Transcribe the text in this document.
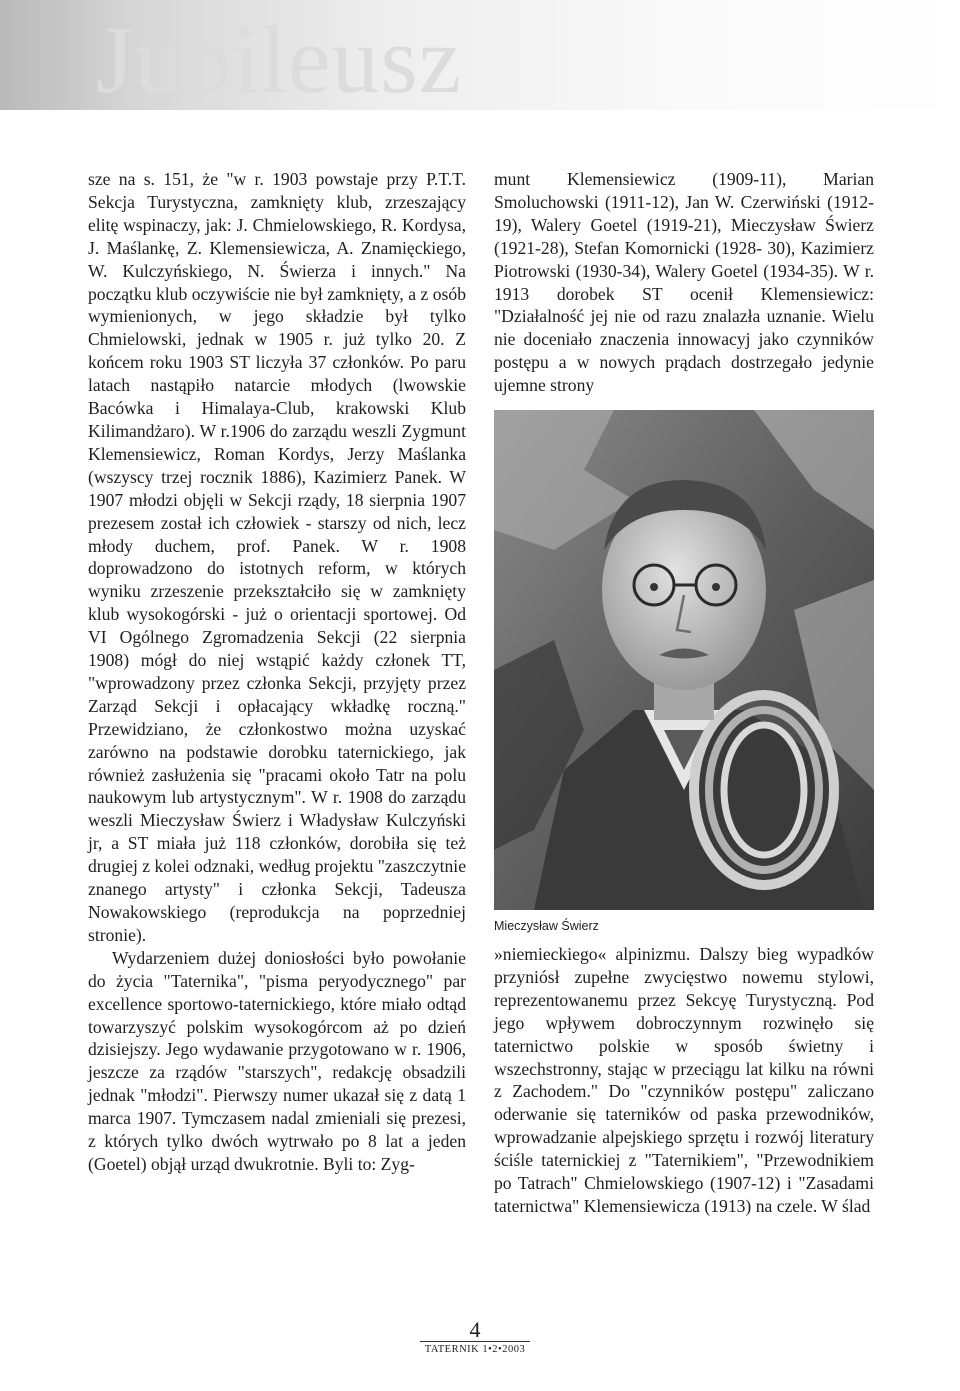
Jubileusz

sze na s. 151, że "w r. 1903 powstaje przy P.T.T. Sekcja Turystyczna, zamknięty klub, zrzeszający elitę wspinaczy, jak: J. Chmielowskiego, R. Kordysa, J. Maślankę, Z. Klemensiewicza, A. Znamięckiego, W. Kulczyńskiego, N. Świerza i innych." Na początku klub oczywiście nie był zamknięty, a z osób wymienionych, w jego składzie był tylko Chmielowski, jednak w 1905 r. już tylko 20. Z końcem roku 1903 ST liczyła 37 członków. Po paru latach nastąpiło natarcie młodych (lwowskie Bacówka i Himalaya-Club, krakowski Klub Kilimandżaro). W r.1906 do zarządu weszli Zygmunt Klemensiewicz, Roman Kordys, Jerzy Maślanka (wszyscy trzej rocznik 1886), Kazimierz Panek. W 1907 młodzi objęli w Sekcji rządy, 18 sierpnia 1907 prezesem został ich człowiek - starszy od nich, lecz młody duchem, prof. Panek. W r. 1908 doprowadzono do istotnych reform, w których wyniku zrzeszenie przekształciło się w zamknięty klub wysokogórski - już o orientacji sportowej. Od VI Ogólnego Zgromadzenia Sekcji (22 sierpnia 1908) mógł do niej wstąpić każdy członek TT, "wprowadzony przez członka Sekcji, przyjęty przez Zarząd Sekcji i opłacający wkładkę roczną." Przewidziano, że członkostwo można uzyskać zarówno na podstawie dorobku taternickiego, jak również zasłużenia się "pracami około Tatr na polu naukowym lub artystycznym". W r. 1908 do zarządu weszli Mieczysław Świerz i Władysław Kulczyński jr, a ST miała już 118 członków, dorobiła się też drugiej z kolei odznaki, według projektu "zaszczytnie znanego artysty" i członka Sekcji, Tadeusza Nowakowskiego (reprodukcja na poprzedniej stronie).

Wydarzeniem dużej doniosłości było powołanie do życia "Taternika", "pisma peryodycznego" par excellence sportowo-taternickiego, które miało odtąd towarzyszyć polskim wysokogórcom aż po dzień dzisiejszy. Jego wydawanie przygotowano w r. 1906, jeszcze za rządów "starszych", redakcję obsadzili jednak "młodzi". Pierwszy numer ukazał się z datą 1 marca 1907. Tymczasem nadal zmieniali się prezesi, z których tylko dwóch wytrwało po 8 lat a jeden (Goetel) objął urząd dwukrotnie. Byli to: Zyg-

munt Klemensiewicz (1909-11), Marian Smoluchowski (1911-12), Jan W. Czerwiński (1912-19), Walery Goetel (1919-21), Mieczysław Świerz (1921-28), Stefan Komornicki (1928- 30), Kazimierz Piotrowski (1930-34), Walery Goetel (1934-35). W r. 1913 dorobek ST ocenił Klemensiewicz: "Działalność jej nie od razu znalazła uznanie. Wielu nie doceniało znaczenia innowacyj jako czynników postępu a w nowych prądach dostrzegało jedynie ujemne strony

Mieczysław Świerz

»niemieckiego« alpinizmu. Dalszy bieg wypadków przyniósł zupełne zwycięstwo nowemu stylowi, reprezentowanemu przez Sekcyę Turystyczną. Pod jego wpływem dobroczynnym rozwinęło się taternictwo polskie w sposób świetny i wszechstronny, stając w przeciągu lat kilku na równi z Zachodem." Do "czynników postępu" zaliczano oderwanie się taterników od paska przewodników, wprowadzanie alpejskiego sprzętu i rozwój literatury ściśle taternickiej z "Taternikiem", "Przewodnikiem po Tatrach" Chmielowskiego (1907-12) i "Zasadami taternictwa" Klemensiewicza (1913) na czele. W ślad

4
TATERNIK 1•2•2003
